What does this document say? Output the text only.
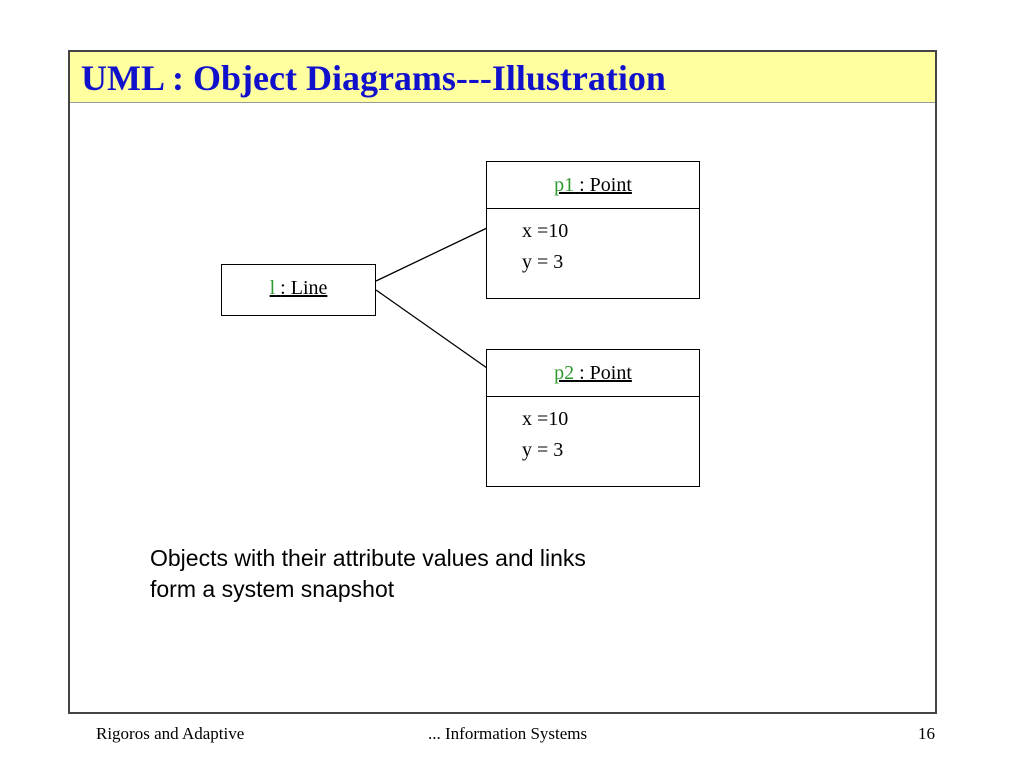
UML : Object Diagrams---Illustration
l : Line
p1 : Point
x =10
y = 3
p2 : Point
x =10
y = 3
Objects with their attribute values and links
form a system snapshot
Rigoros and Adaptive	... Information Systems	16
